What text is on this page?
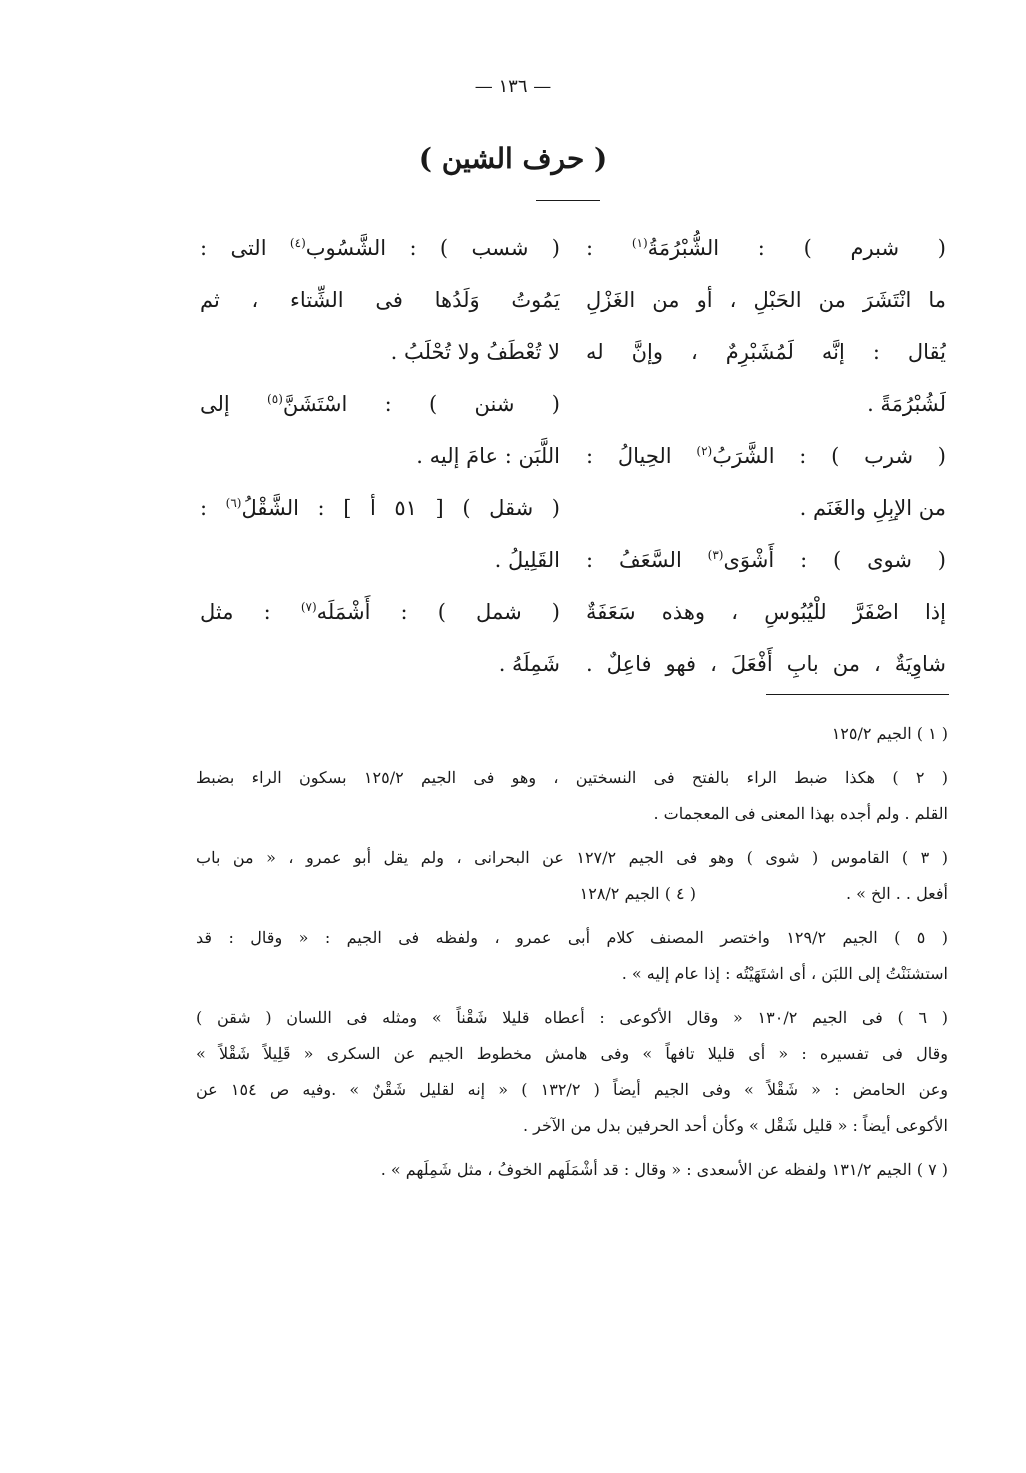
— ١٣٦ —
( حرف الشين )
( شبرم ) : الشُّبْرُمَةُ$^{(١)}$ :
ما انْتَشَرَ من الحَبْلِ ، أو من الغَزْلِ
يُقال : إنَّه لَمُشَبْرِمٌ ، وإنَّ له
لَشُبْرُمَةً .
( شرب ) : الشَّرَبُ$^{(٢)}$ الحِيالُ :
من الإبِلِ والغَنَم .
( شوى ) : أَشْوَى$^{(٣)}$ السَّعَفُ :
إذا اصْفَرَّ للْيُبُوسِ ، وهذه سَعَفَةٌ
شاوِيَةٌ ، من بابِ أَفْعَلَ ، فهو فاعِلٌ .
( شسب ) : الشَّسُوب$^{(٤)}$ التى :
يَمُوتُ وَلَدُها فى الشِّتاء ، ثم
لا تُعْطَفُ ولا تُحْلَبُ .
( شنن ) : اسْتَشَنَّ$^{(٥)}$ إلى
اللَّبَن : عامَ إليه .
( شقل ) [ ٥١ أ ] : الشَّقْلُ$^{(٦)}$ :
القَلِيلُ .
( شمل ) : أَشْمَلَه$^{(٧)}$ : مثل
شَمِلَهُ .
( ١ ) الجيم ١٢٥/٢
( ٢ ) هكذا ضبط الراء بالفتح فى النسختين ، وهو فى الجيم ١٢٥/٢ بسكون الراء بضبط
القلم . ولم أجده بهذا المعنى فى المعجمات .
( ٣ ) القاموس ( شوى ) وهو فى الجيم ١٢٧/٢ عن البحرانى ، ولم يقل أبو عمرو ، « من باب
أفعل . . الخ » .
( ٤ ) الجيم ١٢٨/٢
( ٥ ) الجيم ١٢٩/٢ واختصر المصنف كلام أبى عمرو ، ولفظه فى الجيم : « وقال : قد
استشنَنْتُ إلى اللبَن ، أى اشتَهَيْتُه : إذا عام إليه » .
( ٦ ) فى الجيم ١٣٠/٢ « وقال الأكوعى : أعطاه قليلا شَقْناً » ومثله فى اللسان ( شقن )
وقال فى تفسيره : « أى قليلا تافهاً » وفى هامش مخطوط الجيم عن السكرى « قَلِيلاً شَقْلاً »
وعن الحامض : « شَقْلاً » وفى الجيم أيضاً ( ١٣٢/٢ ) « إنه لقليل شَقْنٌ » .وفيه ص ١٥٤ عن
الأكوعى أيضاً : « قليل شَقْل » وكأن أحد الحرفين بدل من الآخر .
( ٧ ) الجيم ١٣١/٢ ولفظه عن الأسعدى : « وقال : قد أشْمَلَهم الخوفُ ، مثل شَمِلَهم » .
